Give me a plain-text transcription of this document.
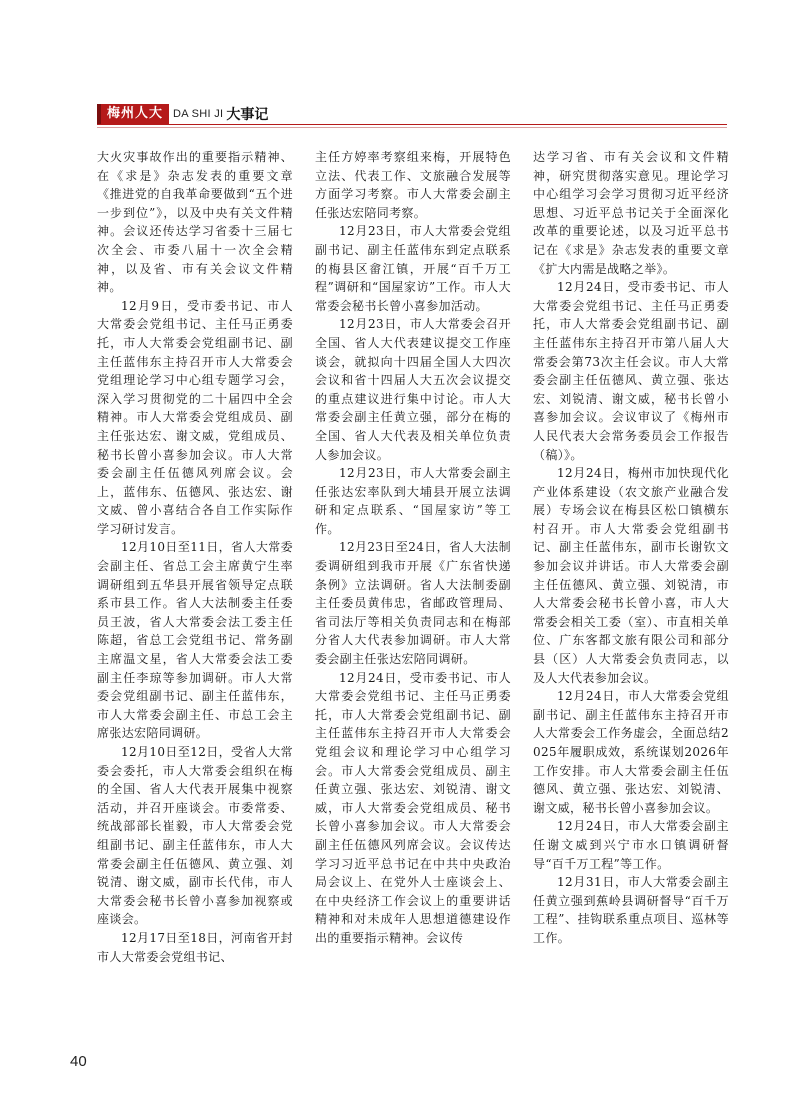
梅州人大 DA SHI JI 大事记

大火灾事故作出的重要指示精神、在《求是》杂志发表的重要文章《推进党的自我革命要做到“五个进一步到位”》，以及中央有关文件精神。会议还传达学习省委十三届七次全会、市委八届十一次全会精神，以及省、市有关会议文件精神。

12月9日，受市委书记、市人大常委会党组书记、主任马正勇委托，市人大常委会党组副书记、副主任蓝伟东主持召开市人大常委会党组理论学习中心组专题学习会，深入学习贯彻党的二十届四中全会精神。市人大常委会党组成员、副主任张达宏、谢文威，党组成员、秘书长曾小喜参加会议。市人大常委会副主任伍德风列席会议。会上，蓝伟东、伍德风、张达宏、谢文威、曾小喜结合各自工作实际作学习研讨发言。

12月10日至11日，省人大常委会副主任、省总工会主席黄宁生率调研组到五华县开展省领导定点联系市县工作。省人大法制委主任委员王波，省人大常委会法工委主任陈超，省总工会党组书记、常务副主席温文星，省人大常委会法工委副主任李琼等参加调研。市人大常委会党组副书记、副主任蓝伟东，市人大常委会副主任、市总工会主席张达宏陪同调研。

12月10日至12日，受省人大常委会委托，市人大常委会组织在梅的全国、省人大代表开展集中视察活动，并召开座谈会。市委常委、统战部部长崔毅，市人大常委会党组副书记、副主任蓝伟东，市人大常委会副主任伍德风、黄立强、刘锐清、谢文威，副市长代伟，市人大常委会秘书长曾小喜参加视察或座谈会。

12月17日至18日，河南省开封市人大常委会党组书记、

主任方婷率考察组来梅，开展特色立法、代表工作、文旅融合发展等方面学习考察。市人大常委会副主任张达宏陪同考察。

12月23日，市人大常委会党组副书记、副主任蓝伟东到定点联系的梅县区畲江镇，开展“百千万工程”调研和“国屋家访”工作。市人大常委会秘书长曾小喜参加活动。

12月23日，市人大常委会召开全国、省人大代表建议提交工作座谈会，就拟向十四届全国人大四次会议和省十四届人大五次会议提交的重点建议进行集中讨论。市人大常委会副主任黄立强，部分在梅的全国、省人大代表及相关单位负责人参加会议。

12月23日，市人大常委会副主任张达宏率队到大埔县开展立法调研和定点联系、“国屋家访”等工作。

12月23日至24日，省人大法制委调研组到我市开展《广东省快递条例》立法调研。省人大法制委副主任委员黄伟忠，省邮政管理局、省司法厅等相关负责同志和在梅部分省人大代表参加调研。市人大常委会副主任张达宏陪同调研。

12月24日，受市委书记、市人大常委会党组书记、主任马正勇委托，市人大常委会党组副书记、副主任蓝伟东主持召开市人大常委会党组会议和理论学习中心组学习会。市人大常委会党组成员、副主任黄立强、张达宏、刘锐清、谢文威，市人大常委会党组成员、秘书长曾小喜参加会议。市人大常委会副主任伍德风列席会议。会议传达学习习近平总书记在中共中央政治局会议上、在党外人士座谈会上、在中央经济工作会议上的重要讲话精神和对未成年人思想道德建设作出的重要指示精神。会议传

达学习省、市有关会议和文件精神，研究贯彻落实意见。理论学习中心组学习会学习贯彻习近平经济思想、习近平总书记关于全面深化改革的重要论述，以及习近平总书记在《求是》杂志发表的重要文章《扩大内需是战略之举》。

12月24日，受市委书记、市人大常委会党组书记、主任马正勇委托，市人大常委会党组副书记、副主任蓝伟东主持召开市第八届人大常委会第73次主任会议。市人大常委会副主任伍德风、黄立强、张达宏、刘锐清、谢文威，秘书长曾小喜参加会议。会议审议了《梅州市人民代表大会常务委员会工作报告（稿）》。

12月24日，梅州市加快现代化产业体系建设（农文旅产业融合发展）专场会议在梅县区松口镇横东村召开。市人大常委会党组副书记、副主任蓝伟东，副市长谢钦文参加会议并讲话。市人大常委会副主任伍德风、黄立强、刘锐清，市人大常委会秘书长曾小喜，市人大常委会相关工委（室）、市直相关单位、广东客都文旅有限公司和部分县（区）人大常委会负责同志，以及人大代表参加会议。

12月24日，市人大常委会党组副书记、副主任蓝伟东主持召开市人大常委会工作务虚会，全面总结2025年履职成效，系统谋划2026年工作安排。市人大常委会副主任伍德风、黄立强、张达宏、刘锐清、谢文威，秘书长曾小喜参加会议。

12月24日，市人大常委会副主任谢文威到兴宁市水口镇调研督导“百千万工程”等工作。

12月31日，市人大常委会副主任黄立强到蕉岭县调研督导“百千万工程”、挂钩联系重点项目、巡林等工作。

40
